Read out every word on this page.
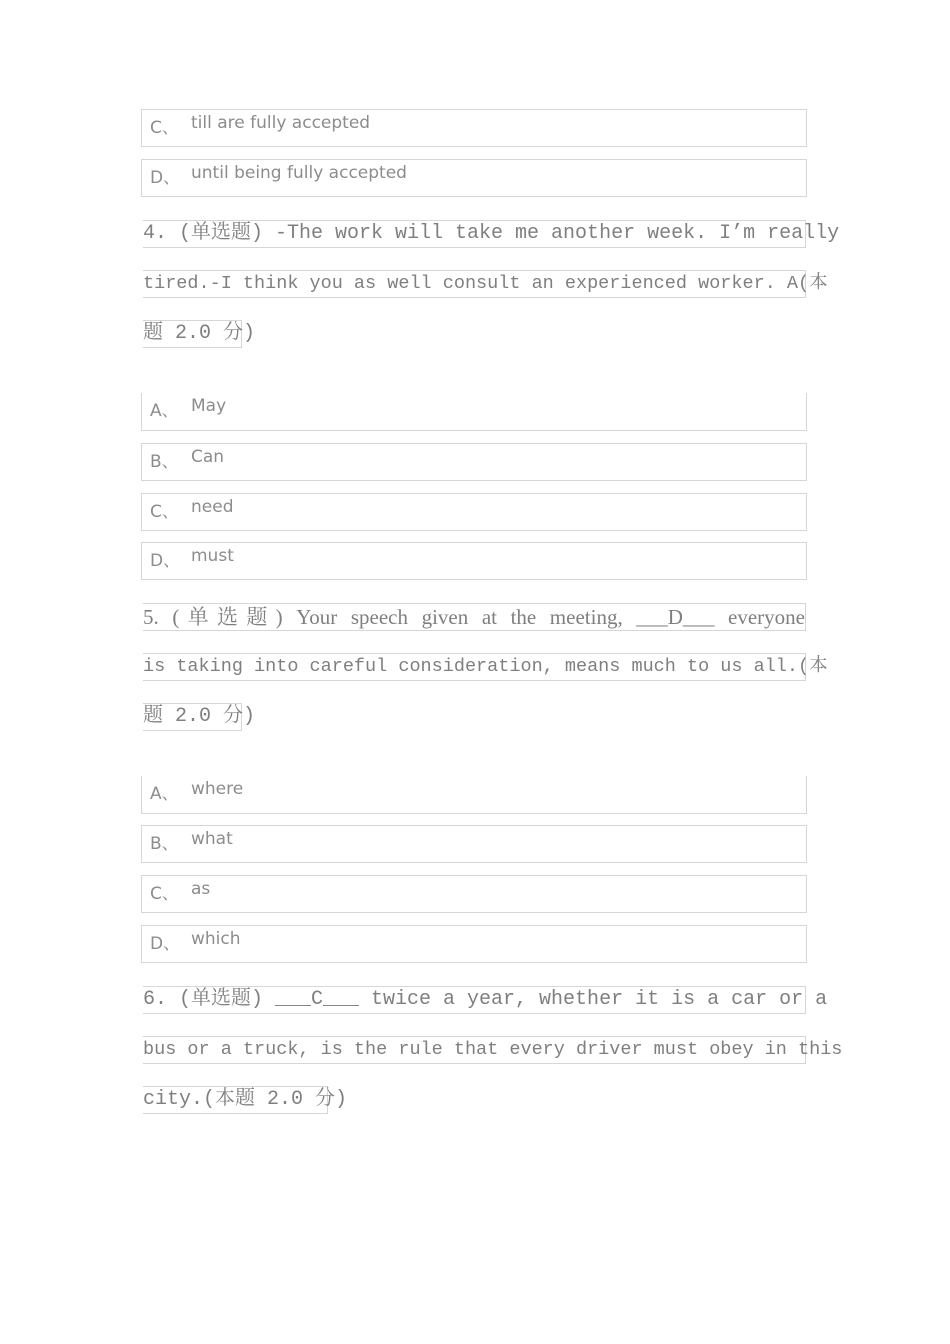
C、 till are fully accepted
D、 until being fully accepted
4. (单选题) -The work will take me another week. I’m really
tired.-I think you as well consult an experienced worker. A(本
题 2.0 分)
A、 May
B、 Can
C、 need
D、 must
5. (单选题) Your speech given at the meeting, ___D___ everyone
is taking into careful consideration, means much to us all.(本
题 2.0 分)
A、 where
B、 what
C、 as
D、 which
6. (单选题) ___C___ twice a year, whether it is a car or a
bus or a truck, is the rule that every driver must obey in this
city.(本题 2.0 分)
